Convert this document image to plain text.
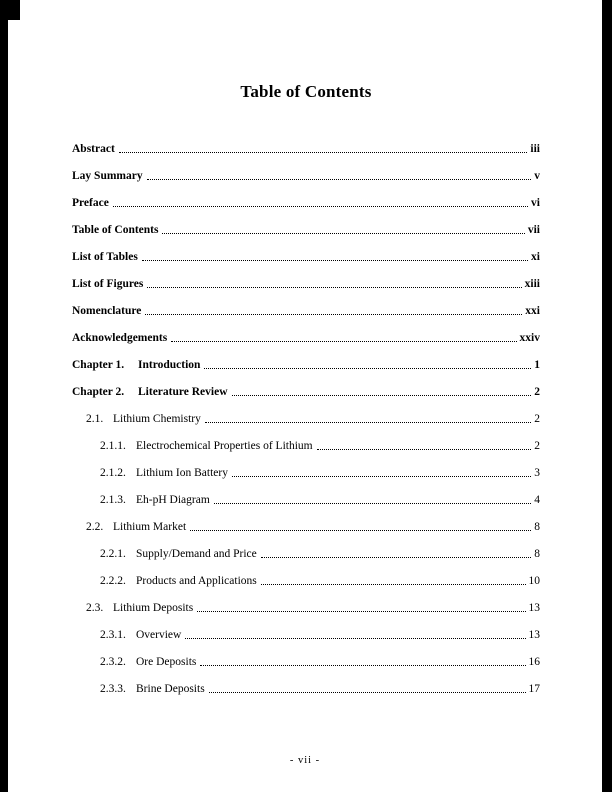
Table of Contents
Abstract	iii
Lay Summary	v
Preface	vi
Table of Contents	vii
List of Tables	xi
List of Figures	xiii
Nomenclature	xxi
Acknowledgements	xxiv
Chapter 1.	Introduction	1
Chapter 2.	Literature Review	2
2.1. Lithium Chemistry	2
2.1.1. Electrochemical Properties of Lithium	2
2.1.2. Lithium Ion Battery	3
2.1.3. Eh-pH Diagram	4
2.2. Lithium Market	8
2.2.1. Supply/Demand and Price	8
2.2.2. Products and Applications	10
2.3. Lithium Deposits	13
2.3.1. Overview	13
2.3.2. Ore Deposits	16
2.3.3. Brine Deposits	17
- vii -
